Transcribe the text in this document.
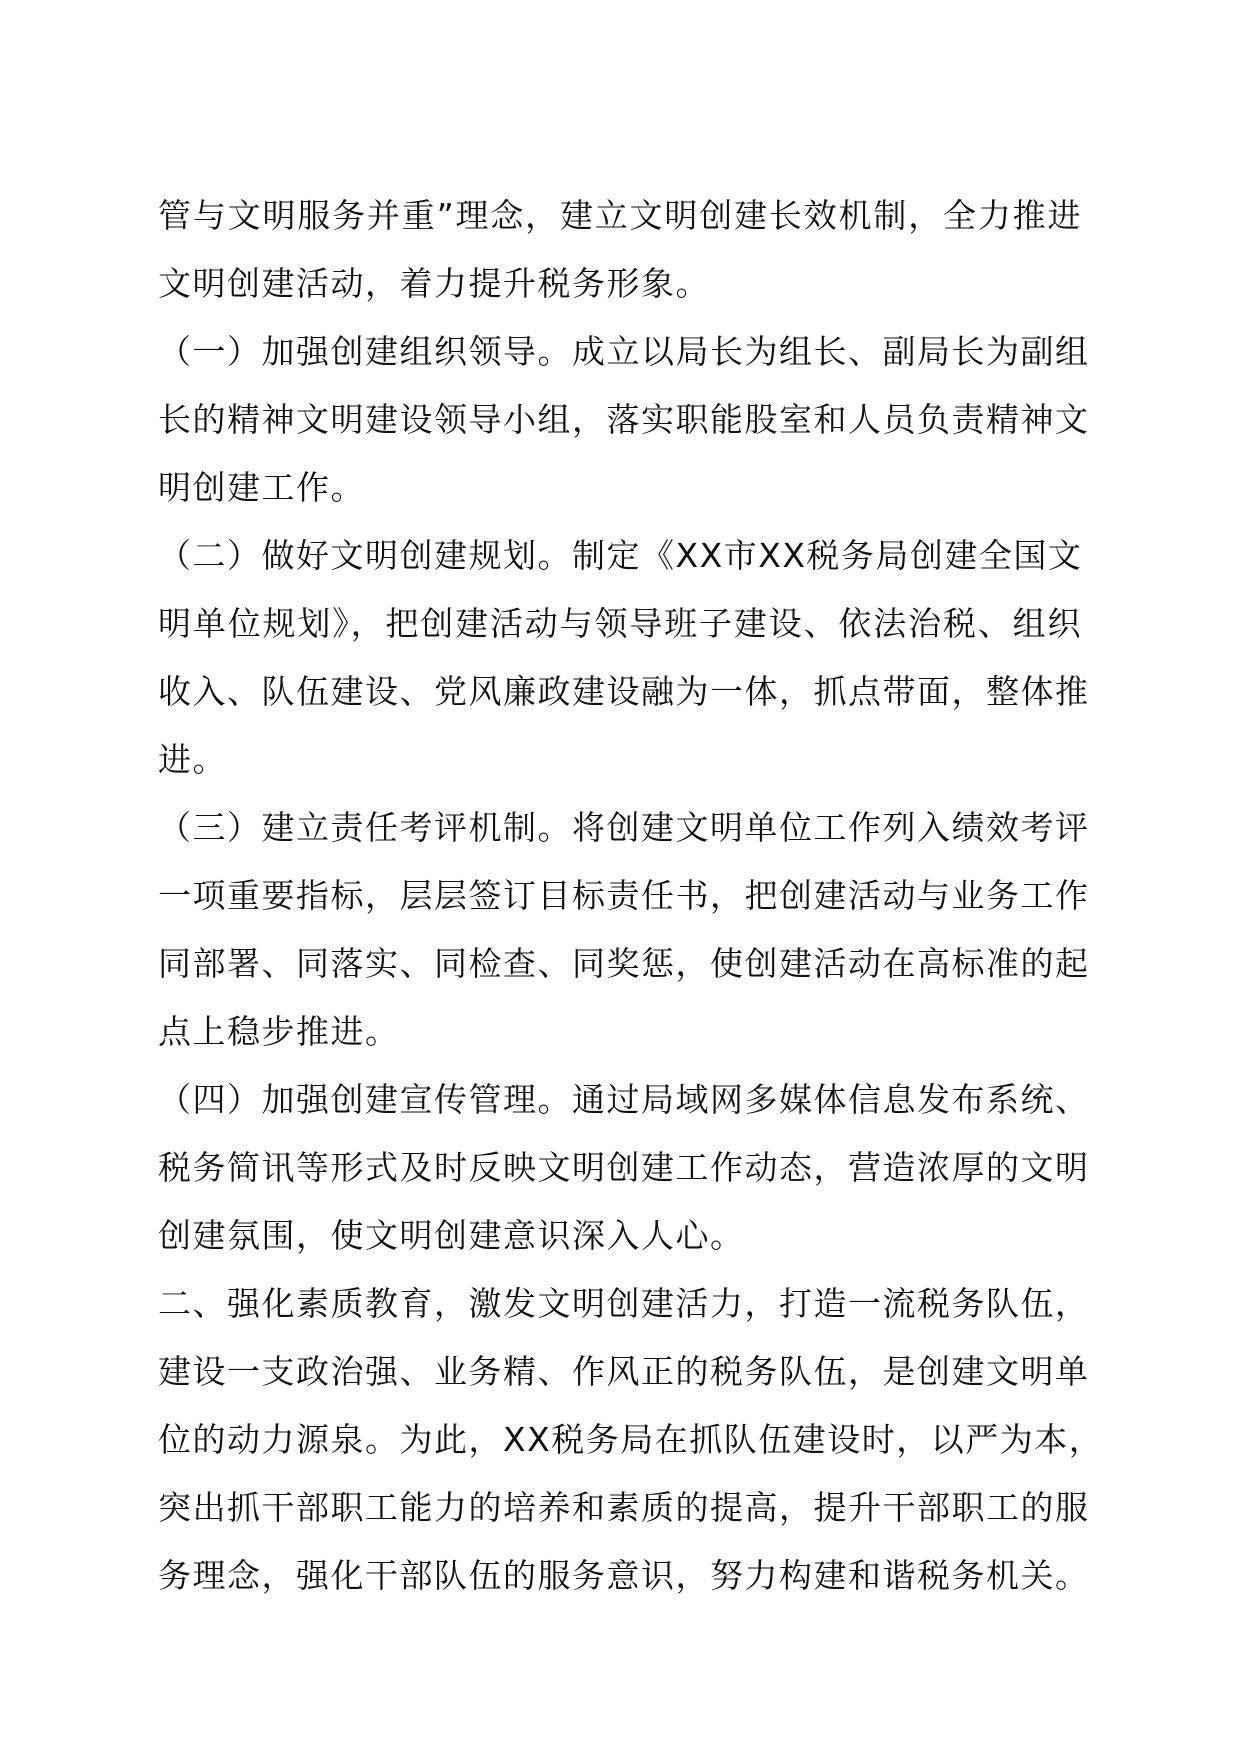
管与文明服务并重”理念，建立文明创建长效机制，全力推进
文明创建活动，着力提升税务形象。
（一）加强创建组织领导。成立以局长为组长、副局长为副组
长的精神文明建设领导小组，落实职能股室和人员负责精神文
明创建工作。
（二）做好文明创建规划。制定《XX市XX税务局创建全国文
明单位规划》，把创建活动与领导班子建设、依法治税、组织
收入、队伍建设、党风廉政建设融为一体，抓点带面，整体推
进。
（三）建立责任考评机制。将创建文明单位工作列入绩效考评
一项重要指标，层层签订目标责任书，把创建活动与业务工作
同部署、同落实、同检查、同奖惩，使创建活动在高标准的起
点上稳步推进。
（四）加强创建宣传管理。通过局域网多媒体信息发布系统、
税务简讯等形式及时反映文明创建工作动态，营造浓厚的文明
创建氛围，使文明创建意识深入人心。
二、强化素质教育，激发文明创建活力，打造一流税务队伍，
建设一支政治强、业务精、作风正的税务队伍，是创建文明单
位的动力源泉。为此，XX税务局在抓队伍建设时，以严为本，
突出抓干部职工能力的培养和素质的提高，提升干部职工的服
务理念，强化干部队伍的服务意识，努力构建和谐税务机关。
